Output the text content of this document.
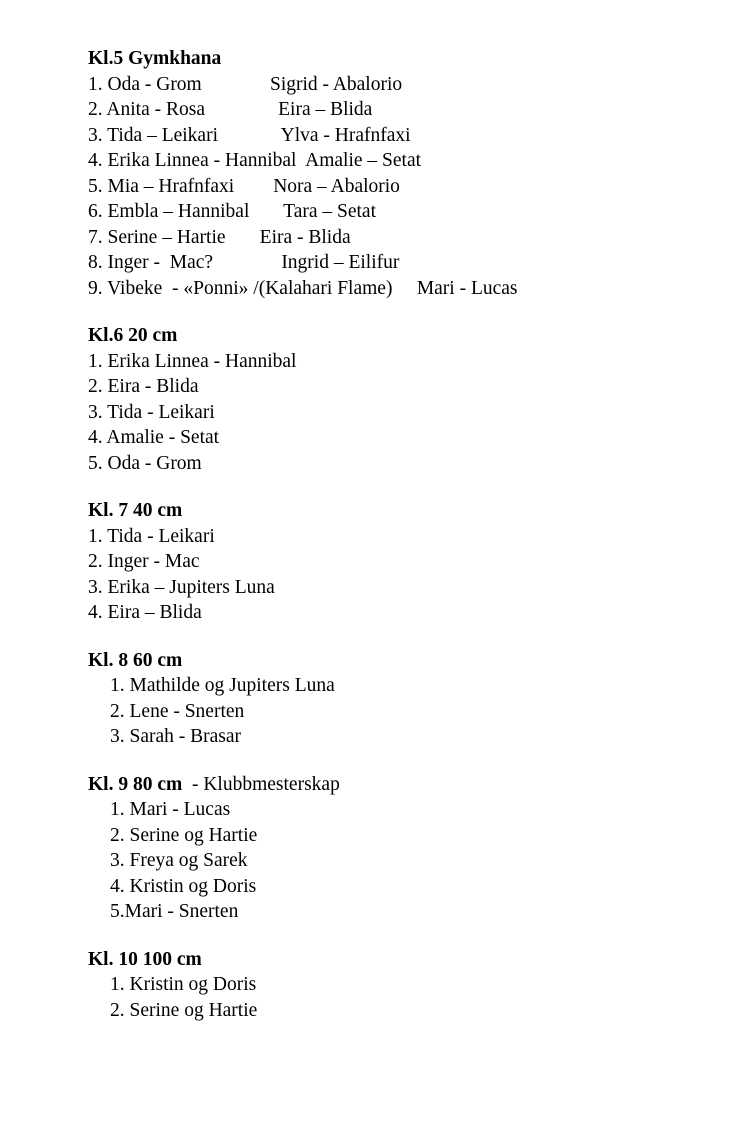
Kl.5 Gymkhana
1. Oda - Grom              Sigrid - Abalorio
2. Anita - Rosa               Eira – Blida
3. Tida – Leikari             Ylva - Hrafnfaxi
4. Erika Linnea - Hannibal  Amalie – Setat
5. Mia – Hrafnfaxi        Nora – Abalorio
6. Embla – Hannibal       Tara – Setat
7. Serine – Hartie       Eira - Blida
8. Inger -  Mac?              Ingrid – Eilifur
9. Vibeke  - «Ponni» /(Kalahari Flame)     Mari - Lucas
Kl.6 20 cm
1. Erika Linnea - Hannibal
2. Eira - Blida
3. Tida - Leikari
4. Amalie - Setat
5. Oda - Grom
Kl. 7 40 cm
1. Tida - Leikari
2. Inger - Mac
3. Erika – Jupiters Luna
4. Eira – Blida
Kl. 8 60 cm
1. Mathilde og Jupiters Luna
2. Lene - Snerten
3. Sarah - Brasar
Kl. 9 80 cm  - Klubbmesterskap
1. Mari - Lucas
2. Serine og Hartie
3. Freya og Sarek
4. Kristin og Doris
5.Mari - Snerten
Kl. 10 100 cm
1. Kristin og Doris
2. Serine og Hartie
